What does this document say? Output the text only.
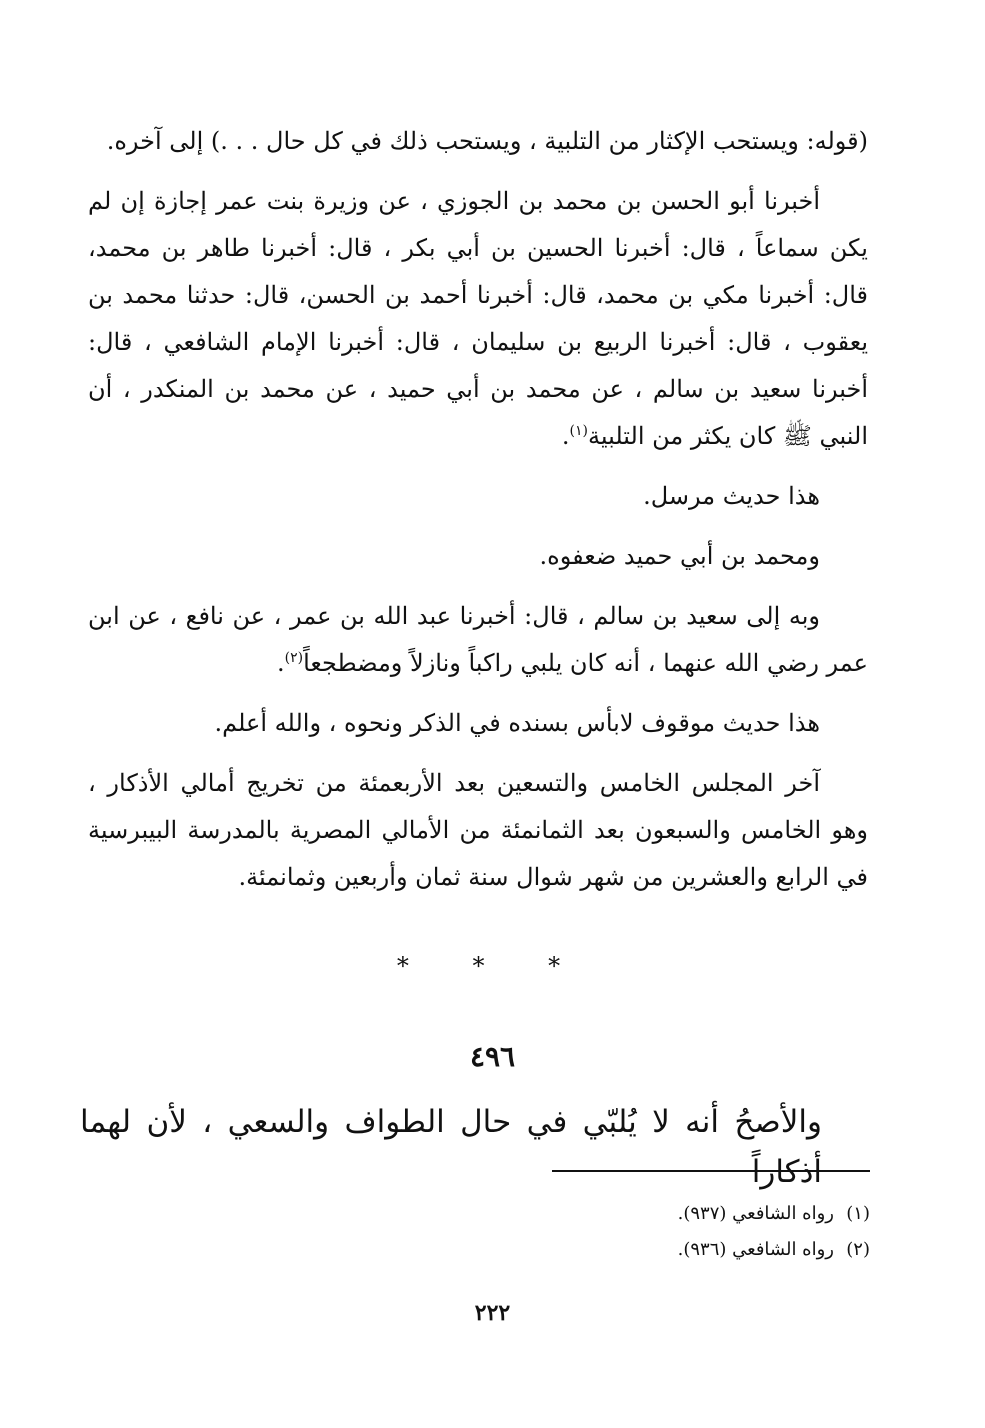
(قوله: ويستحب الإكثار من التلبية ، ويستحب ذلك في كل حال . . .) إلى آخره.

أخبرنا أبو الحسن بن محمد بن الجوزي ، عن وزيرة بنت عمر إجازة إن لم يكن سماعاً ، قال: أخبرنا الحسين بن أبي بكر ، قال: أخبرنا طاهر بن محمد، قال: أخبرنا مكي بن محمد، قال: أخبرنا أحمد بن الحسن، قال: حدثنا محمد بن يعقوب ، قال: أخبرنا الربيع بن سليمان ، قال: أخبرنا الإمام الشافعي ، قال: أخبرنا سعيد بن سالم ، عن محمد بن أبي حميد ، عن محمد بن المنكدر ، أن النبي ﷺ كان يكثر من التلبية$^{(١)}$.

هذا حديث مرسل.

ومحمد بن أبي حميد ضعفوه.

وبه إلى سعيد بن سالم ، قال: أخبرنا عبد الله بن عمر ، عن نافع ، عن ابن عمر رضي الله عنهما ، أنه كان يلبي راكباً ونازلاً ومضطجعاً$^{(٢)}$.

هذا حديث موقوف لابأس بسنده في الذكر ونحوه ، والله أعلم.

آخر المجلس الخامس والتسعين بعد الأربعمئة من تخريج أمالي الأذكار ، وهو الخامس والسبعون بعد الثمانمئة من الأمالي المصرية بالمدرسة البيبرسية في الرابع والعشرين من شهر شوال سنة ثمان وأربعين وثمانمئة.

* * *
٤٩٦
والأصحُ أنه لا يُلبّي في حال الطواف والسعي ، لأن لهما أذكاراً

(١)رواه الشافعي (٩٣٧).

(٢)رواه الشافعي (٩٣٦).

٢٢٢
